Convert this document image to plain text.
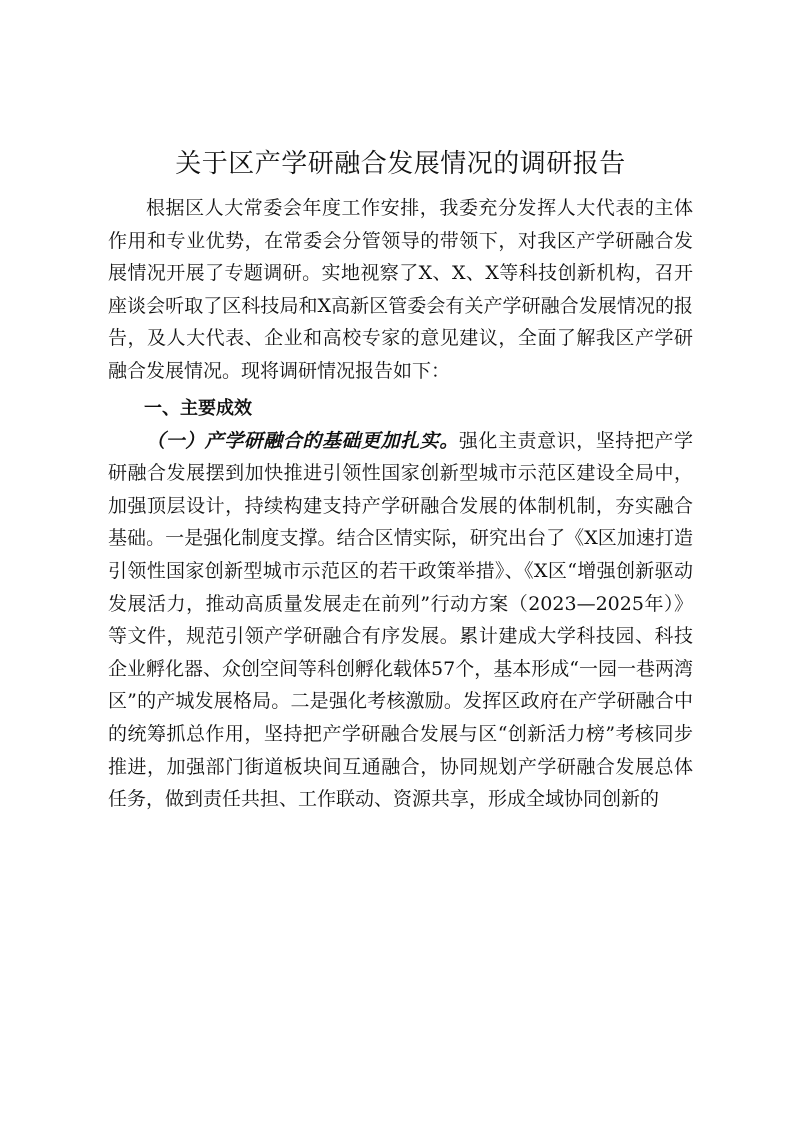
关于区产学研融合发展情况的调研报告

根据区人大常委会年度工作安排，我委充分发挥人大代表的主体作用和专业优势，在常委会分管领导的带领下，对我区产学研融合发展情况开展了专题调研。实地视察了X、X、X等科技创新机构，召开座谈会听取了区科技局和X高新区管委会有关产学研融合发展情况的报告，及人大代表、企业和高校专家的意见建议，全面了解我区产学研融合发展情况。现将调研情况报告如下：

一、主要成效

（一）产学研融合的基础更加扎实。强化主责意识，坚持把产学研融合发展摆到加快推进引领性国家创新型城市示范区建设全局中，加强顶层设计，持续构建支持产学研融合发展的体制机制，夯实融合基础。一是强化制度支撑。结合区情实际，研究出台了《X区加速打造引领性国家创新型城市示范区的若干政策举措》、《X区“增强创新驱动发展活力，推动高质量发展走在前列”行动方案（2023—2025年）》等文件，规范引领产学研融合有序发展。累计建成大学科技园、科技企业孵化器、众创空间等科创孵化载体57个，基本形成“一园一巷两湾区”的产城发展格局。二是强化考核激励。发挥区政府在产学研融合中的统筹抓总作用，坚持把产学研融合发展与区“创新活力榜”考核同步推进，加强部门街道板块间互通融合，协同规划产学研融合发展总体任务，做到责任共担、工作联动、资源共享，形成全域协同创新的
